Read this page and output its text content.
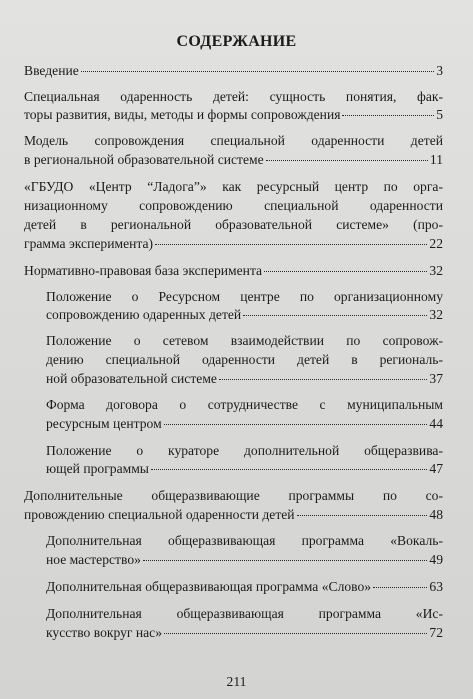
СОДЕРЖАНИЕ
Введение	3
Специальная одаренность детей: сущность понятия, фак-
торы развития, виды, методы и формы сопровождения	5
Модель сопровождения специальной одаренности детей
в региональной образовательной системе	11
«ГБУДО «Центр “Ладога”» как ресурсный центр по орга-
низационному сопровождению специальной одаренности
детей в региональной образовательной системе» (про-
грамма эксперимента)	22
Нормативно-правовая база эксперимента	32
Положение о Ресурсном центре по организационному
сопровождению одаренных детей	32
Положение о сетевом взаимодействии по сопровож-
дению специальной одаренности детей в региональ-
ной образовательной системе	37
Форма договора о сотрудничестве с муниципальным
ресурсным центром	44
Положение о кураторе дополнительной общеразвива-
ющей программы	47
Дополнительные общеразвивающие программы по со-
провождению специальной одаренности детей	48
Дополнительная общеразвивающая программа «Вокаль-
ное мастерство»	49
Дополнительная общеразвивающая программа «Слово»	63
Дополнительная общеразвивающая программа «Ис-
кусство вокруг нас»	72
211
